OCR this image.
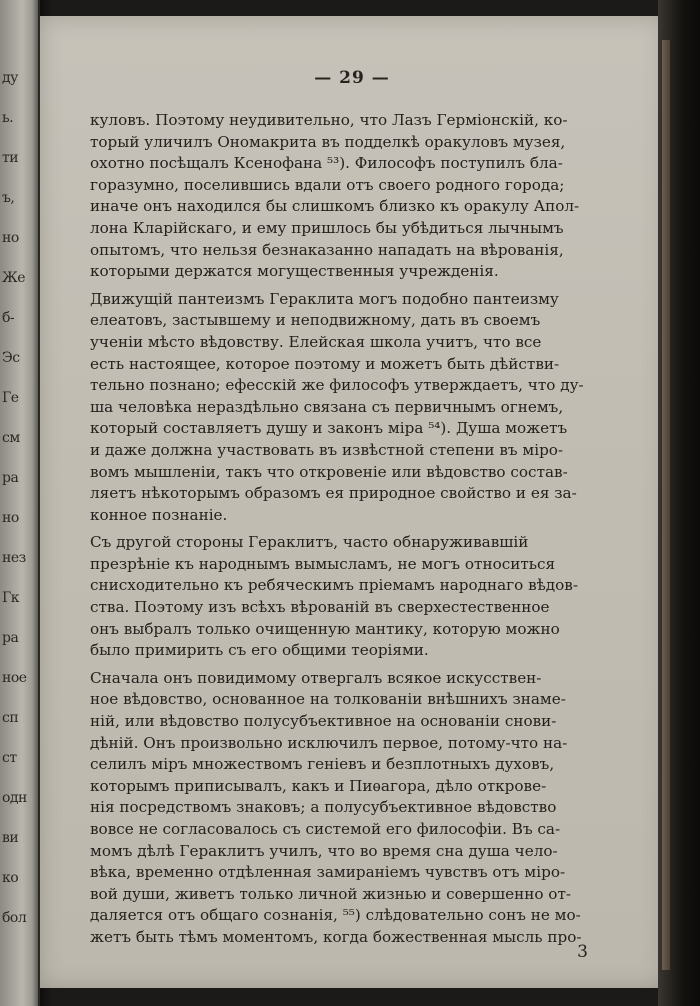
ду
ь.
ти
ъ,
но
Же
б-
Эс
Ге
см
ра
но
нез
Гк
ра
ное
сп
ст
одн
ви
ко
бол
— 29 —
куловъ. Поэтому неудивительно, что Лазъ Герміонскій, ко-
торый уличилъ Ономакрита въ подделкѣ оракуловъ музея,
охотно посѣщалъ Ксенофана ⁵³). Философъ поступилъ бла-
горазумно, поселившись вдали отъ своего родного города;
иначе онъ находился бы слишкомъ близко къ оракулу Апол-
лона Кларійскаго, и ему пришлось бы убѣдиться лычнымъ
опытомъ, что нельзя безнаказанно нападать на вѣрованія,
которыми держатся могущественныя учрежденія.
Движущій пантеизмъ Гераклита могъ подобно пантеизму
елеатовъ, застывшему и неподвижному, дать въ своемъ
ученіи мѣсто вѣдовству. Елейская школа учитъ, что все
есть настоящее, которое поэтому и можетъ быть дѣйстви-
тельно познано; ефесскій же философъ утверждаетъ, что ду-
ша человѣка нераздѣльно связана съ первичнымъ огнемъ,
который составляетъ душу и законъ міра ⁵⁴). Душа можетъ
и даже должна участвовать въ извѣстной степени въ міро-
вомъ мышленіи, такъ что откровеніе или вѣдовство состав-
ляетъ нѣкоторымъ образомъ ея природное свойство и ея за-
конное познаніе.
Съ другой стороны Гераклитъ, часто обнаруживавшій
презрѣніе къ народнымъ вымысламъ, не могъ относиться
снисходительно къ ребяческимъ пріемамъ народнаго вѣдов-
ства. Поэтому изъ всѣхъ вѣрованій въ сверхестественное
онъ выбралъ только очищенную мантику, которую можно
было примирить съ его общими теоріями.
Сначала онъ повидимому отвергалъ всякое искусствен-
ное вѣдовство, основанное на толкованіи внѣшнихъ знаме-
ній, или вѣдовство полусубъективное на основаніи снови-
дѣній. Онъ произвольно исключилъ первое, потому-что на-
селилъ міръ множествомъ геніевъ и безплотныхъ духовъ,
которымъ приписывалъ, какъ и Пиѳагора, дѣло откровe-
нія посредствомъ знаковъ; а полусубъективное вѣдовство
вовсе не согласовалось съ системой его философіи. Въ са-
момъ дѣлѣ Гераклитъ училъ, что во время сна душа чело-
вѣка, временно отдѣленная замираніемъ чувствъ отъ міро-
вой души, живетъ только личной жизнью и совершенно от-
даляется отъ общаго сознанія, ⁵⁵) слѣдовательно сонъ не мо-
жетъ быть тѣмъ моментомъ, когда божественная мысль про-
3
